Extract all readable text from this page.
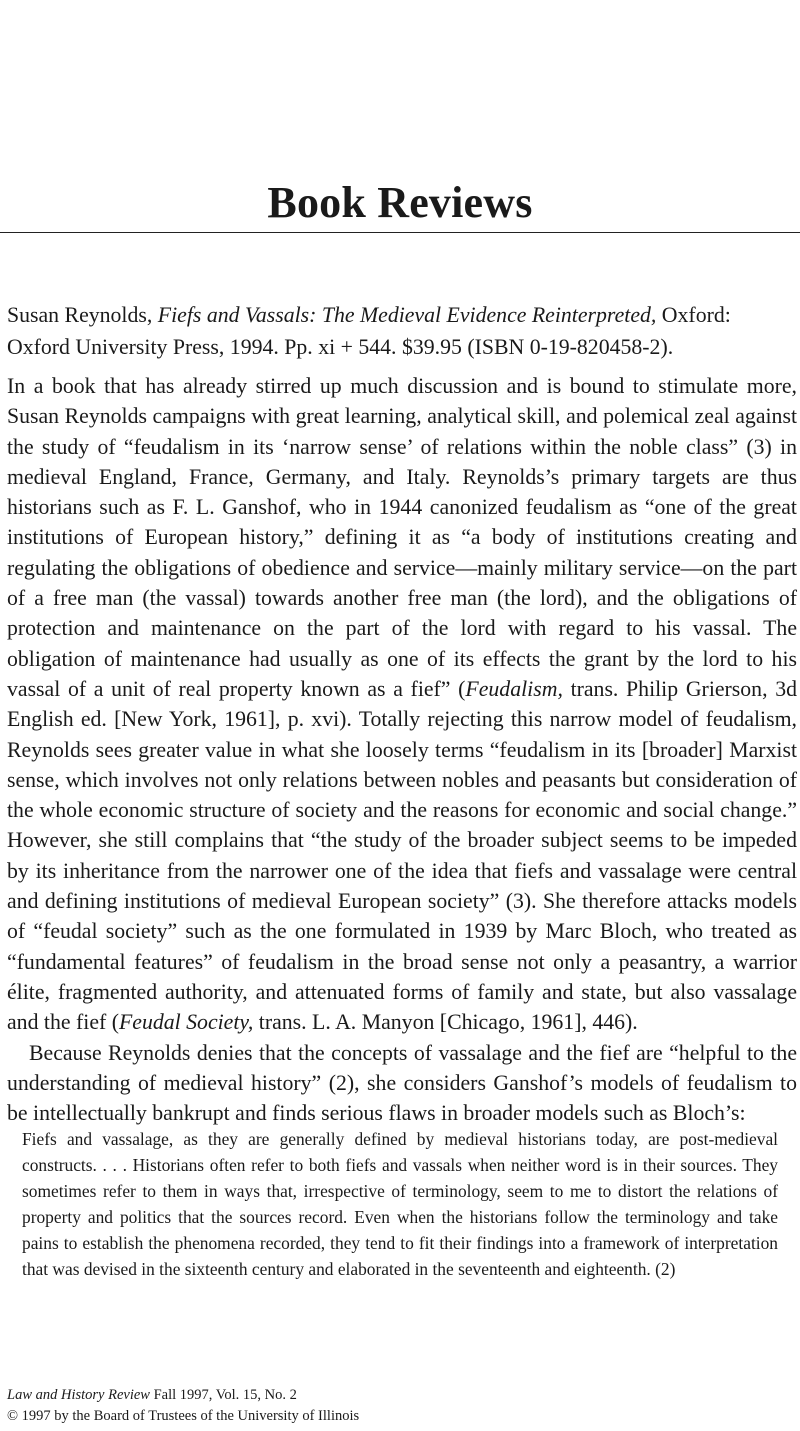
Book Reviews

Susan Reynolds, Fiefs and Vassals: The Medieval Evidence Reinterpreted, Oxford: Oxford University Press, 1994. Pp. xi + 544. $39.95 (ISBN 0-19-820458-2).

In a book that has already stirred up much discussion and is bound to stimulate more, Susan Reynolds campaigns with great learning, analytical skill, and polemical zeal against the study of “feudalism in its ‘narrow sense’ of relations within the noble class” (3) in medieval England, France, Germany, and Italy. Reynolds’s primary targets are thus historians such as F. L. Ganshof, who in 1944 canonized feudalism as “one of the great institutions of European history,” defining it as “a body of institutions creating and regulating the obligations of obedience and service—mainly military service—on the part of a free man (the vassal) towards another free man (the lord), and the obligations of protection and maintenance on the part of the lord with regard to his vassal. The obligation of maintenance had usually as one of its effects the grant by the lord to his vassal of a unit of real property known as a fief” (Feudalism, trans. Philip Grierson, 3d English ed. [New York, 1961], p. xvi). Totally rejecting this narrow model of feudalism, Reynolds sees greater value in what she loosely terms “feudalism in its [broader] Marxist sense, which involves not only relations between nobles and peasants but consideration of the whole economic structure of society and the reasons for economic and social change.” However, she still complains that “the study of the broader subject seems to be impeded by its inheritance from the narrower one of the idea that fiefs and vassalage were central and defining institutions of medieval European society” (3). She therefore attacks models of “feudal society” such as the one formulated in 1939 by Marc Bloch, who treated as “fundamental features” of feudalism in the broad sense not only a peasantry, a warrior élite, fragmented authority, and attenuated forms of family and state, but also vassalage and the fief (Feudal Society, trans. L. A. Manyon [Chicago, 1961], 446).

Because Reynolds denies that the concepts of vassalage and the fief are “helpful to the understanding of medieval history” (2), she considers Ganshof’s models of feudalism to be intellectually bankrupt and finds serious flaws in broader models such as Bloch’s:

Fiefs and vassalage, as they are generally defined by medieval historians today, are post-medieval constructs. . . . Historians often refer to both fiefs and vassals when neither word is in their sources. They sometimes refer to them in ways that, irrespective of terminology, seem to me to distort the relations of property and politics that the sources record. Even when the historians follow the terminology and take pains to establish the phenomena recorded, they tend to fit their findings into a framework of interpretation that was devised in the sixteenth century and elaborated in the seventeenth and eighteenth. (2)

Law and History Review Fall 1997, Vol. 15, No. 2
© 1997 by the Board of Trustees of the University of Illinois
